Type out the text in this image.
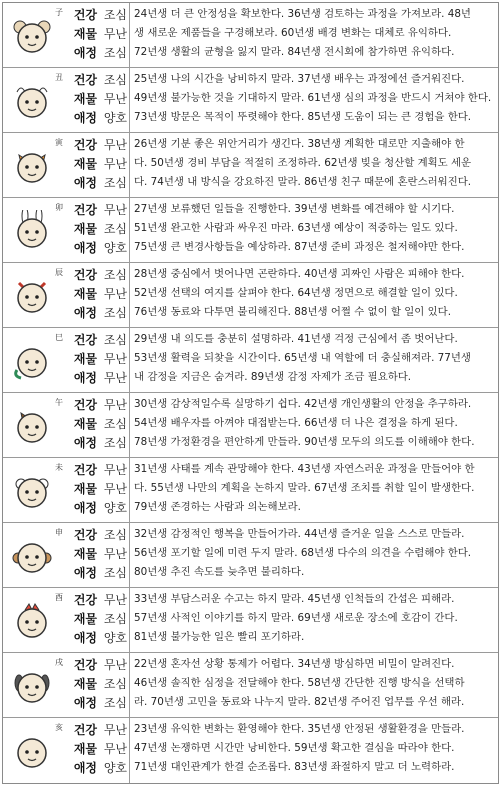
子 건강 조심
재물 무난
애정 조심
24년생 더 큰 안정성을 확보한다. 36년생 검토하는 과정을 가져보라. 48년
생 새로운 제품들을 구경해보라. 60년생 배경 변화는 대체로 유익하다.
72년생 생활의 균형을 잃지 말라. 84년생 전시회에 참가하면 유익하다.
丑 건강 조심
재물 무난
애정 양호
25년생 나의 시간을 낭비하지 말라. 37년생 배우는 과정에선 즐거워진다.
49년생 불가능한 것을 기대하지 말라. 61년생 심의 과정을 반드시 거쳐야 한다.
73년생 방문은 목적이 뚜렷해야 한다. 85년생 도움이 되는 큰 경험을 한다.
寅 건강 무난
재물 무난
애정 조심
26년생 기분 좋은 위안거리가 생긴다. 38년생 계획한 대로만 지출해야 한
다. 50년생 경비 부담을 적절히 조정하라. 62년생 빚을 청산할 계획도 세운
다. 74년생 내 방식을 강요하진 말라. 86년생 친구 때문에 혼란스러워진다.
卯 건강 무난
재물 조심
애정 양호
27년생 보류했던 일들을 진행한다. 39년생 변화를 예견해야 할 시기다.
51년생 완고한 사람과 싸우진 마라. 63년생 예상이 적중하는 일도 있다.
75년생 큰 변경사항들을 예상하라. 87년생 준비 과정은 철저해야만 한다.
辰 건강 조심
재물 무난
애정 조심
28년생 중심에서 벗어나면 곤란하다. 40년생 괴짜인 사람은 피해야 한다.
52년생 선택의 여지를 살펴야 한다. 64년생 정면으로 해결할 일이 있다.
76년생 동료와 다투면 불리해진다. 88년생 어쩔 수 없이 할 일이 있다.
巳 건강 조심
재물 무난
애정 무난
29년생 내 의도를 충분히 설명하라. 41년생 걱정 근심에서 좀 벗어난다.
53년생 활력을 되찾을 시간이다. 65년생 내 역할에 더 충실해져라. 77년생
내 감정을 지금은 숨겨라. 89년생 감정 자제가 조금 필요하다.
午 건강 무난
재물 조심
애정 조심
30년생 감상적일수록 실망하기 쉽다. 42년생 개인생활의 안정을 추구하라.
54년생 배우자를 아껴야 대접받는다. 66년생 더 나은 결정을 하게 된다.
78년생 가정환경을 편안하게 만들라. 90년생 모두의 의도를 이해해야 한다.
未 건강 무난
재물 무난
애정 양호
31년생 사태를 계속 관망해야 한다. 43년생 자연스러운 과정을 만들어야 한
다. 55년생 나만의 계획을 논하지 말라. 67년생 조치를 취할 일이 발생한다.
79년생 존경하는 사람과 의논해보라.
申 건강 조심
재물 무난
애정 조심
32년생 감정적인 행복을 만들어가라. 44년생 즐거운 일을 스스로 만들라.
56년생 포기할 일에 미련 두지 말라. 68년생 다수의 의견을 수렴해야 한다.
80년생 추진 속도를 늦추면 불리하다.
酉 건강 무난
재물 조심
애정 양호
33년생 부담스러운 수고는 하지 말라. 45년생 인척들의 간섭은 피해라.
57년생 사적인 이야기를 하지 말라. 69년생 새로운 장소에 호감이 간다.
81년생 불가능한 일은 빨리 포기하라.
戌 건강 무난
재물 조심
애정 조심
22년생 혼자선 상황 통제가 어렵다. 34년생 방심하면 비밀이 알려진다.
46년생 솔직한 심정을 전달해야 한다. 58년생 간단한 진행 방식을 선택하
라. 70년생 고민을 동료와 나누지 말라. 82년생 주어진 업무를 우선 해라.
亥 건강 무난
재물 무난
애정 양호
23년생 유익한 변화는 환영해야 한다. 35년생 안정된 생활환경을 만들라.
47년생 논쟁하면 시간만 낭비한다. 59년생 확고한 결심을 따라야 한다.
71년생 대인관계가 한결 순조롭다. 83년생 좌절하지 말고 더 노력하라.
